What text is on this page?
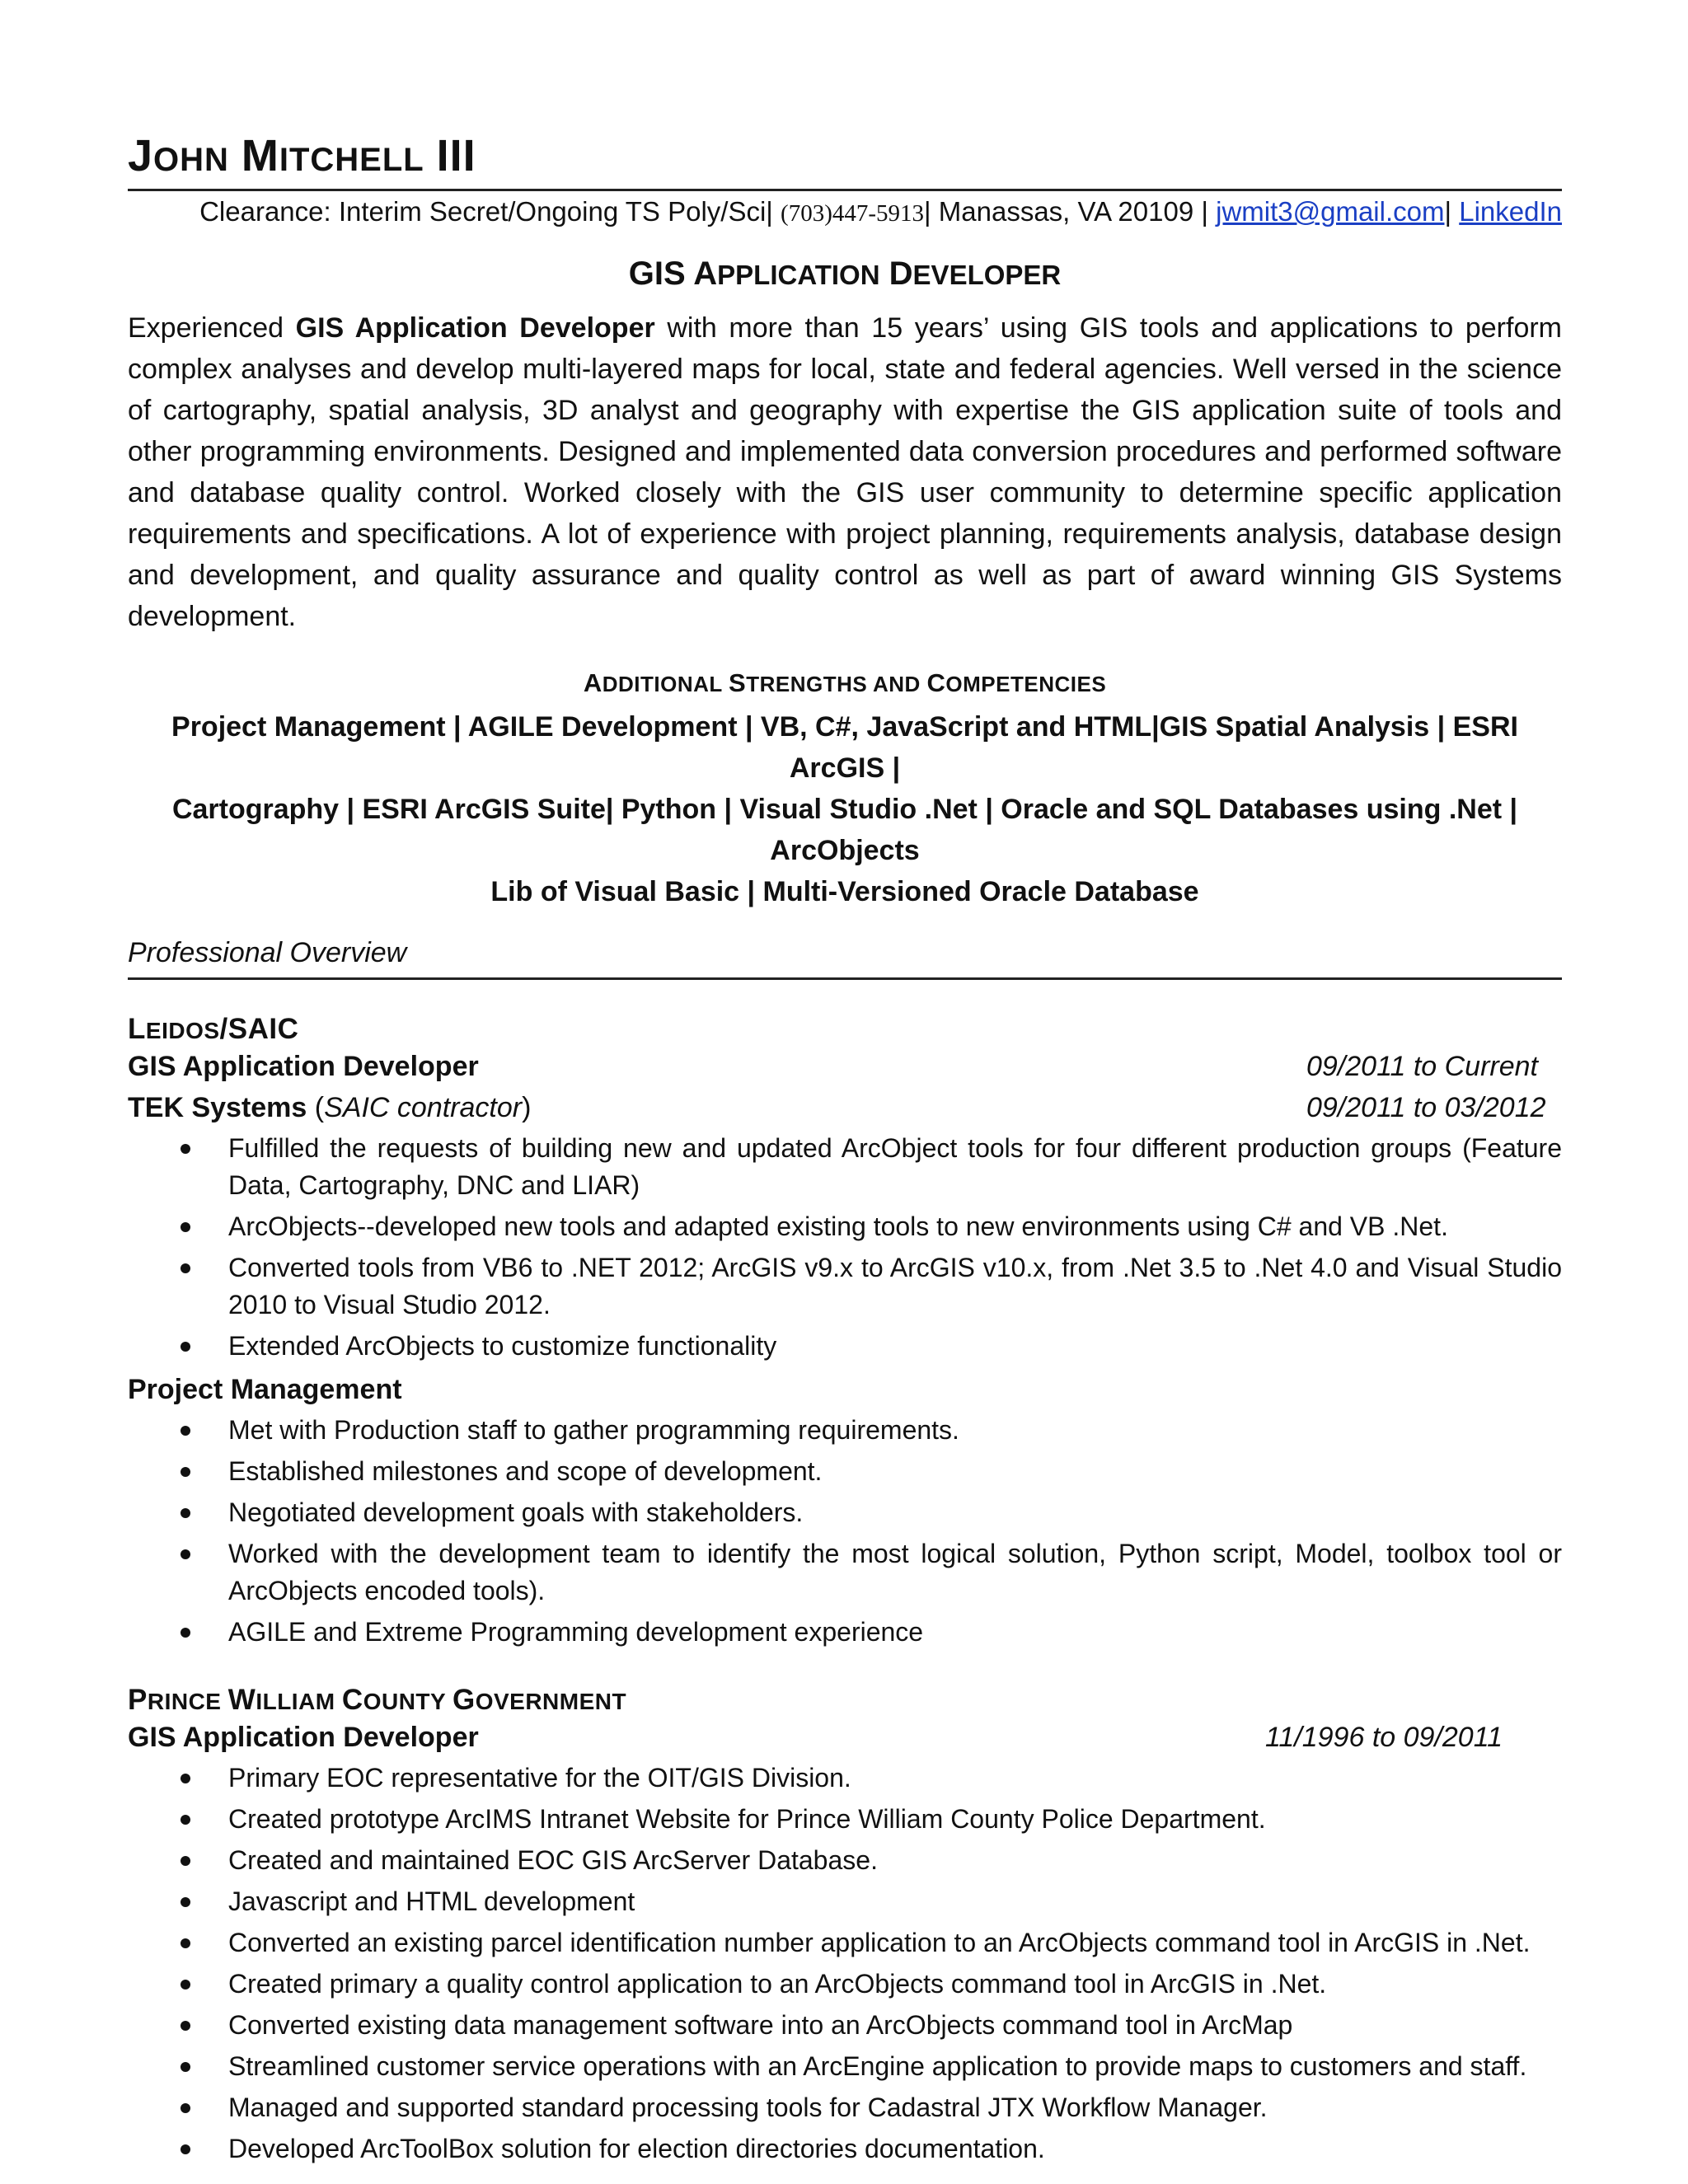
JOHN MITCHELL III
Clearance: Interim Secret/Ongoing TS Poly/Sci| (703)447-5913| Manassas, VA 20109 | jwmit3@gmail.com| LinkedIn
GIS APPLICATION DEVELOPER
Experienced GIS Application Developer with more than 15 years’ using GIS tools and applications to perform complex analyses and develop multi-layered maps for local, state and federal agencies. Well versed in the science of cartography, spatial analysis, 3D analyst and geography with expertise the GIS application suite of tools and other programming environments. Designed and implemented data conversion procedures and performed software and database quality control. Worked closely with the GIS user community to determine specific application requirements and specifications. A lot of experience with project planning, requirements analysis, database design and development, and quality assurance and quality control as well as part of award winning GIS Systems development.
ADDITIONAL STRENGTHS AND COMPETENCIES
Project Management | AGILE Development | VB, C#, JavaScript and HTML|GIS Spatial Analysis | ESRI ArcGIS |
Cartography | ESRI ArcGIS Suite| Python | Visual Studio .Net | Oracle and SQL Databases using .Net | ArcObjects
Lib of Visual Basic | Multi-Versioned Oracle Database
Professional Overview
LEIDOS/SAIC
GIS Application Developer	09/2011 to Current
TEK Systems (SAIC contractor)	09/2011 to 03/2012
Fulfilled the requests of building new and updated ArcObject tools for four different production groups (Feature Data, Cartography, DNC and LIAR)
ArcObjects--developed new tools and adapted existing tools to new environments using C# and VB .Net.
Converted tools from VB6 to .NET 2012; ArcGIS v9.x to ArcGIS v10.x, from .Net 3.5 to .Net 4.0 and Visual Studio 2010 to Visual Studio 2012.
Extended ArcObjects to customize functionality
Project Management
Met with Production staff to gather programming requirements.
Established milestones and scope of development.
Negotiated development goals with stakeholders.
Worked with the development team to identify the most logical solution, Python script, Model, toolbox tool or ArcObjects encoded tools).
AGILE and Extreme Programming development experience
PRINCE WILLIAM COUNTY GOVERNMENT
GIS Application Developer	11/1996 to 09/2011
Primary EOC representative for the OIT/GIS Division.
Created prototype ArcIMS Intranet Website for Prince William County Police Department.
Created and maintained EOC GIS ArcServer Database.
Javascript and HTML development
Converted an existing parcel identification number application to an ArcObjects command tool in ArcGIS in .Net.
Created primary a quality control application to an ArcObjects command tool in ArcGIS in .Net.
Converted existing data management software into an ArcObjects command tool in ArcMap
Streamlined customer service operations with an ArcEngine application to provide maps to customers and staff.
Managed and supported standard processing tools for Cadastral JTX Workflow Manager.
Developed ArcToolBox solution for election directories documentation.
